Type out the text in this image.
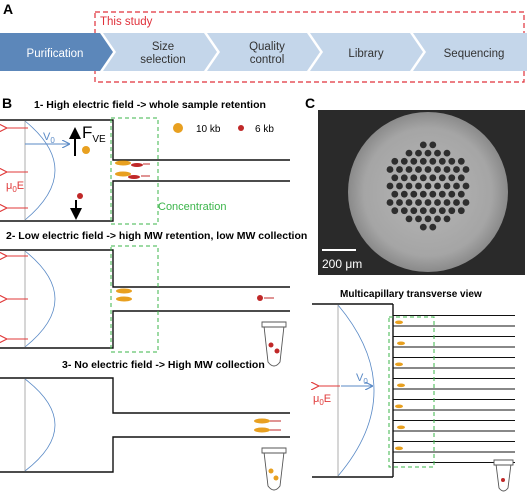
A
This study
Purification
Size
selection
Quality
control	Library	Sequencing
B 1- High electric field -> whole sample retention
$V_0$
$\mu_0E$
$F_{VE}$
10 kb	6 kb
Concentration
2- Low electric field -> high MW retention, low MW collection
3- No electric field -> High MW collection
C
200 μm
Multicapillary transverse view
$V_0$
$\mu_0E$
